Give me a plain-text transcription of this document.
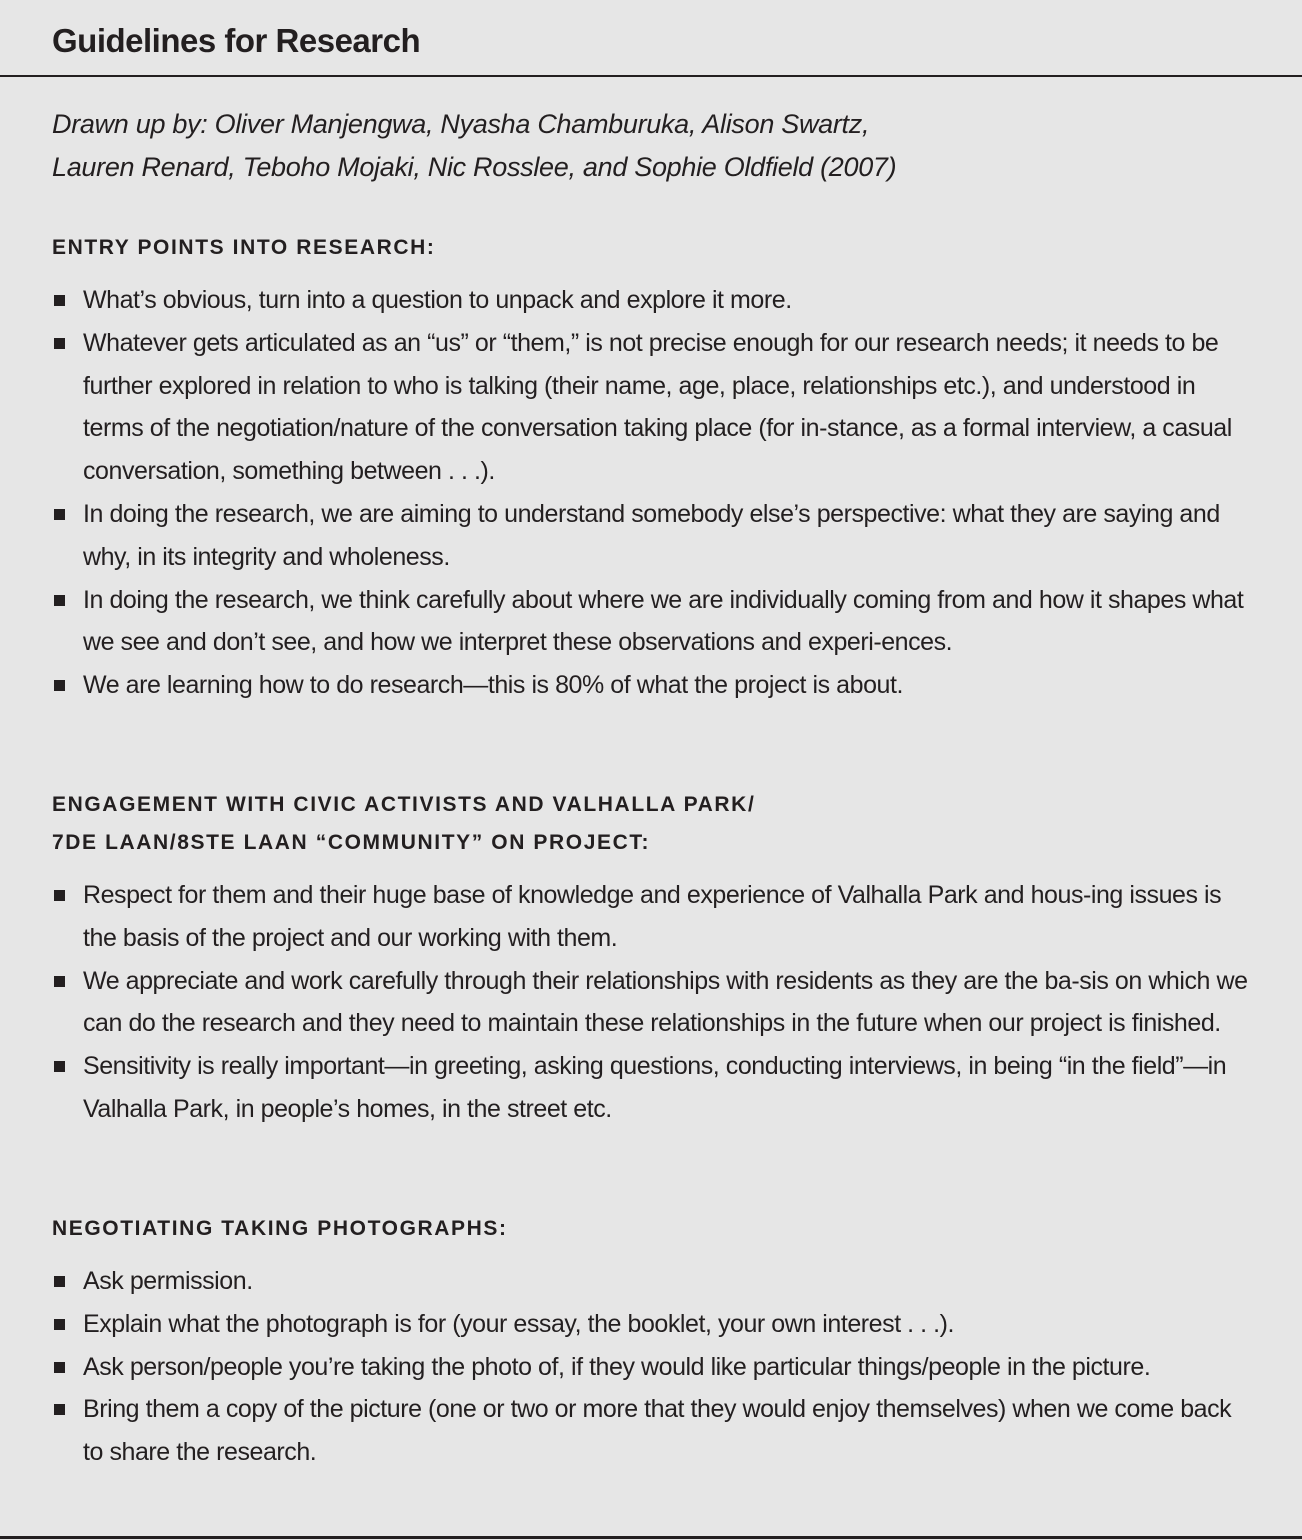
Guidelines for Research
Drawn up by: Oliver Manjengwa, Nyasha Chamburuka, Alison Swartz,
Lauren Renard, Teboho Mojaki, Nic Rosslee, and Sophie Oldfield (2007)
ENTRY POINTS INTO RESEARCH:
What’s obvious, turn into a question to unpack and explore it more.
Whatever gets articulated as an “us” or “them,” is not precise enough for our research needs; it needs to be further explored in relation to who is talking (their name, age, place, relationships etc.), and understood in terms of the negotiation/nature of the conversation taking place (for in-stance, as a formal interview, a casual conversation, something between . . .).
In doing the research, we are aiming to understand somebody else’s perspective: what they are saying and why, in its integrity and wholeness.
In doing the research, we think carefully about where we are individually coming from and how it shapes what we see and don’t see, and how we interpret these observations and experi-ences.
We are learning how to do research—this is 80% of what the project is about.
ENGAGEMENT WITH CIVIC ACTIVISTS AND VALHALLA PARK/
7DE LAAN/8STE LAAN “COMMUNITY” ON PROJECT:
Respect for them and their huge base of knowledge and experience of Valhalla Park and hous-ing issues is the basis of the project and our working with them.
We appreciate and work carefully through their relationships with residents as they are the ba-sis on which we can do the research and they need to maintain these relationships in the future when our project is finished.
Sensitivity is really important—in greeting, asking questions, conducting interviews, in being “in the field”—in Valhalla Park, in people’s homes, in the street etc.
NEGOTIATING TAKING PHOTOGRAPHS:
Ask permission.
Explain what the photograph is for (your essay, the booklet, your own interest . . .).
Ask person/people you’re taking the photo of, if they would like particular things/people in the picture.
Bring them a copy of the picture (one or two or more that they would enjoy themselves) when we come back to share the research.
